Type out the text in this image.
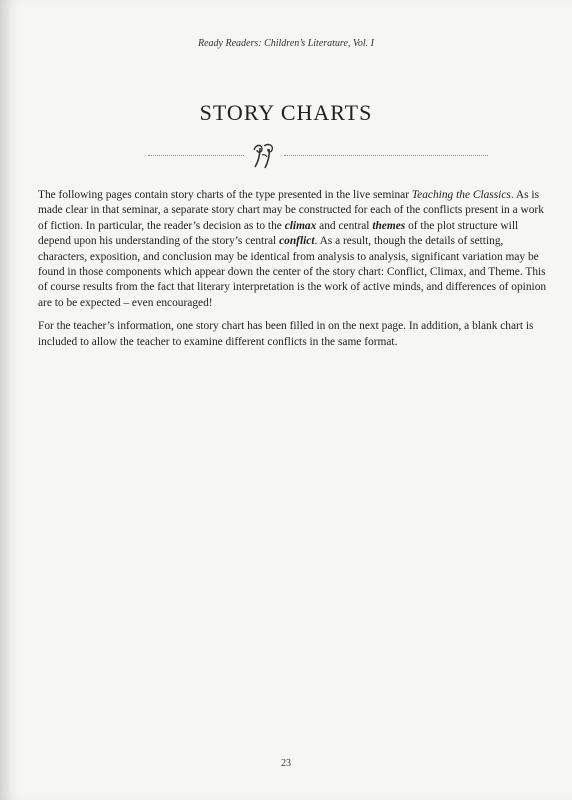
Ready Readers: Children’s Literature, Vol. I
STORY CHARTS

The following pages contain story charts of the type presented in the live seminar Teaching the Classics. As is made clear in that seminar, a separate story chart may be constructed for each of the conflicts present in a work of fiction. In particular, the reader’s decision as to the climax and central themes of the plot structure will depend upon his understanding of the story’s central conflict. As a result, though the details of setting, characters, exposition, and conclusion may be identical from analysis to analysis, significant variation may be found in those components which appear down the center of the story chart: Conflict, Climax, and Theme. This of course results from the fact that literary interpretation is the work of active minds, and differences of opinion are to be expected – even encouraged!

For the teacher’s information, one story chart has been filled in on the next page. In addition, a blank chart is included to allow the teacher to examine different conflicts in the same format.

23
